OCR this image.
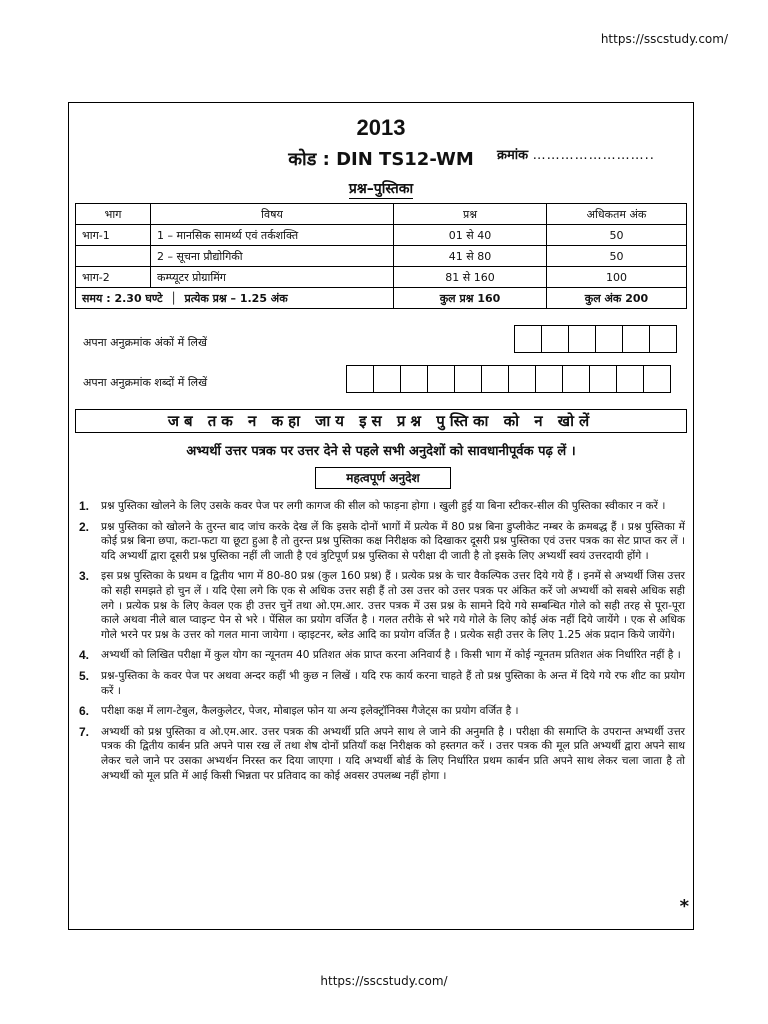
https://sscstudy.com/
2013
कोड : DIN TS12-WM	क्रमांक ……………………..
प्रश्न–पुस्तिका
भाग	विषय	प्रश्न	अधिकतम अंक
भाग-1	1 – मानसिक सामर्थ्य एवं तर्कशक्ति	01 से 40	50
	2 – सूचना प्रौद्योगिकी	41 से 80	50
भाग-2	कम्प्यूटर प्रोग्रामिंग	81 से 160	100
समय : 2.30 घण्टे  │  प्रत्येक प्रश्न – 1.25 अंक		कुल प्रश्न 160	कुल अंक 200
अपना अनुक्रमांक अंकों में लिखें
अपना अनुक्रमांक शब्दों में लिखें
जब तक न कहा जाय इस प्रश्न पुस्तिका को न खोलें
अभ्यर्थी उत्तर पत्रक पर उत्तर देने से पहले सभी अनुदेशों को सावधानीपूर्वक पढ़ लें ।
महत्वपूर्ण अनुदेश
1.	प्रश्न पुस्तिका खोलने के लिए उसके कवर पेज पर लगी कागज की सील को फाड़ना होगा । खुली हुई या बिना स्टीकर-सील की पुस्तिका स्वीकार न करें ।
2.	प्रश्न पुस्तिका को खोलने के तुरन्त बाद जांच करके देख लें कि इसके दोनों भागों में प्रत्येक में 80 प्रश्न बिना डुप्लीकेट नम्बर के क्रमबद्ध हैं । प्रश्न पुस्तिका में कोई प्रश्न बिना छपा, कटा-फटा या छूटा हुआ है तो तुरन्त प्रश्न पुस्तिका कक्ष निरीक्षक को दिखाकर दूसरी प्रश्न पुस्तिका एवं उत्तर पत्रक का सेट प्राप्त कर लें । यदि अभ्यर्थी द्वारा दूसरी प्रश्न पुस्तिका नहीं ली जाती है एवं त्रुटिपूर्ण प्रश्न पुस्तिका से परीक्षा दी जाती है तो इसके लिए अभ्यर्थी स्वयं उत्तरदायी होंगे ।
3.	इस प्रश्न पुस्तिका के प्रथम व द्वितीय भाग में 80-80 प्रश्न (कुल 160 प्रश्न) हैं । प्रत्येक प्रश्न के चार वैकल्पिक उत्तर दिये गये हैं । इनमें से अभ्यर्थी जिस उत्तर को सही समझते हो चुन लें । यदि ऐसा लगे कि एक से अधिक उत्तर सही हैं तो उस उत्तर को उत्तर पत्रक पर अंकित करें जो अभ्यर्थी को सबसे अधिक सही लगे । प्रत्येक प्रश्न के लिए केवल एक ही उत्तर चुनें तथा ओ.एम.आर. उत्तर पत्रक में उस प्रश्न के सामने दिये गये सम्बन्धित गोले को सही तरह से पूरा-पूरा काले अथवा नीले बाल प्वाइन्ट पेन से भरे । पेंसिल का प्रयोग वर्जित है । गलत तरीके से भरे गये गोले के लिए कोई अंक नहीं दिये जायेंगे । एक से अधिक गोले भरने पर प्रश्न के उत्तर को गलत माना जायेगा । व्हाइटनर, ब्लेड आदि का प्रयोग वर्जित है । प्रत्येक सही उत्तर के लिए 1.25 अंक प्रदान किये जायेंगे।
4.	अभ्यर्थी को लिखित परीक्षा में कुल योग का न्यूनतम 40 प्रतिशत अंक प्राप्त करना अनिवार्य है । किसी भाग में कोई न्यूनतम प्रतिशत अंक निर्धारित नहीं है ।
5.	प्रश्न-पुस्तिका के कवर पेज पर अथवा अन्दर कहीं भी कुछ न लिखें । यदि रफ कार्य करना चाहते हैं तो प्रश्न पुस्तिका के अन्त में दिये गये रफ शीट का प्रयोग करें ।
6.	परीक्षा कक्ष में लाग-टेबुल, कैलकुलेटर, पेजर, मोबाइल फोन या अन्य इलेक्ट्रॉनिक्स गैजेट्स का प्रयोग वर्जित है ।
7.	अभ्यर्थी को प्रश्न पुस्तिका व ओ.एम.आर. उत्तर पत्रक की अभ्यर्थी प्रति अपने साथ ले जाने की अनुमति है । परीक्षा की समाप्ति के उपरान्त अभ्यर्थी उत्तर पत्रक की द्वितीय कार्बन प्रति अपने पास रख लें तथा शेष दोनों प्रतियाँ कक्ष निरीक्षक को हस्तगत करें । उत्तर पत्रक की मूल प्रति अभ्यर्थी द्वारा अपने साथ लेकर चले जाने पर उसका अभ्यर्थन निरस्त कर दिया जाएगा । यदि अभ्यर्थी बोर्ड के लिए निर्धारित प्रथम कार्बन प्रति अपने साथ लेकर चला जाता है तो अभ्यर्थी को मूल प्रति में आई किसी भिन्नता पर प्रतिवाद का कोई अवसर उपलब्ध नहीं होगा ।
*
https://sscstudy.com/
